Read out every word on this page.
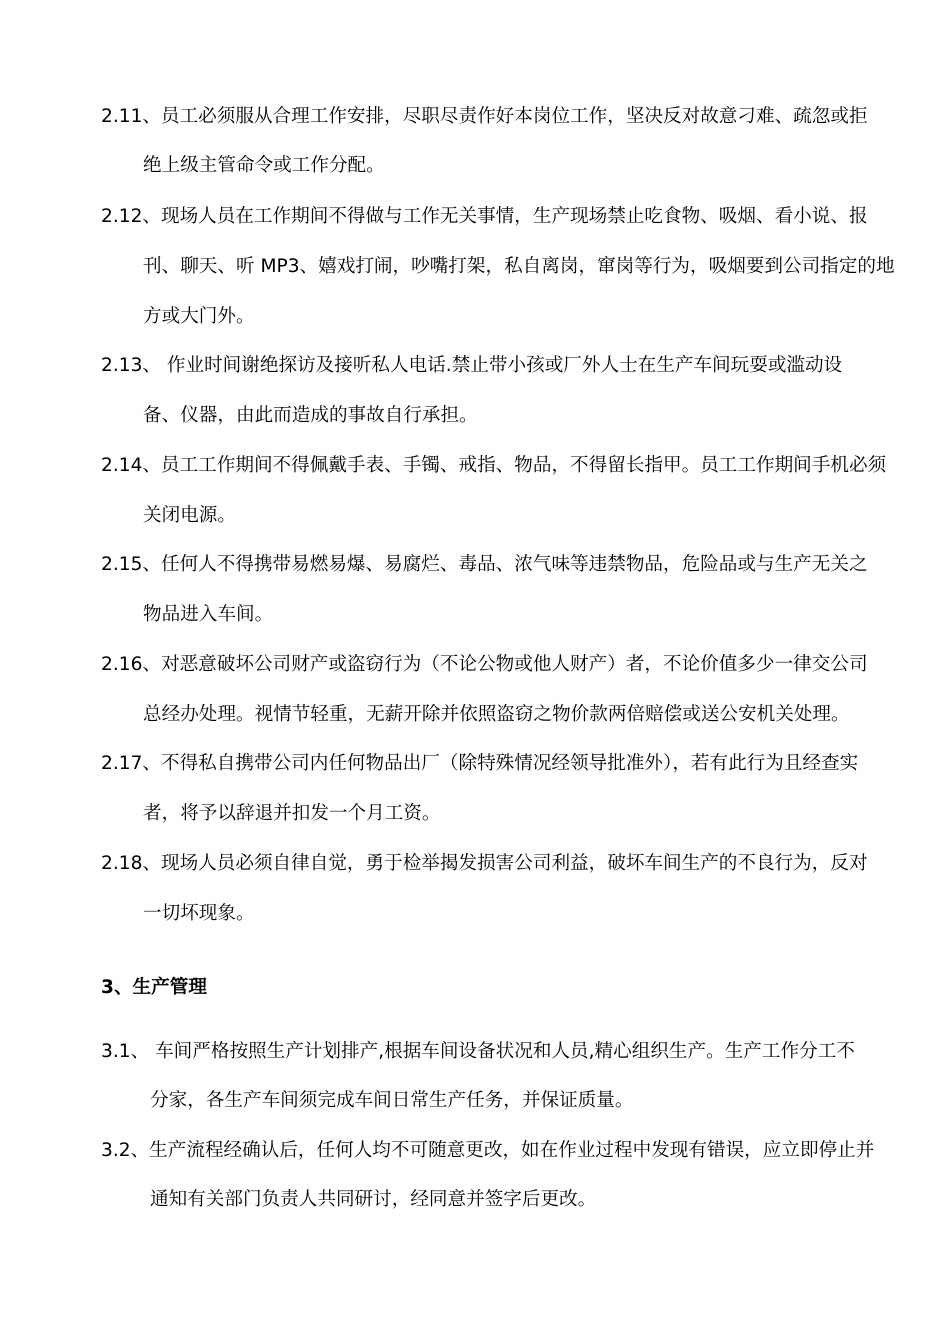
2.11、员工必须服从合理工作安排，尽职尽责作好本岗位工作，坚决反对故意刁难、疏忽或拒
绝上级主管命令或工作分配。
2.12、现场人员在工作期间不得做与工作无关事情，生产现场禁止吃食物、吸烟、看小说、报
刊、聊天、听 MP3、嬉戏打闹，吵嘴打架，私自离岗，窜岗等行为，吸烟要到公司指定的地
方或大门外。
2.13、 作业时间谢绝探访及接听私人电话.禁止带小孩或厂外人士在生产车间玩耍或滥动设
备、仪器，由此而造成的事故自行承担。
2.14、员工工作期间不得佩戴手表、手镯、戒指、物品，不得留长指甲。员工工作期间手机必须
关闭电源。
2.15、任何人不得携带易燃易爆、易腐烂、毒品、浓气味等违禁物品，危险品或与生产无关之
物品进入车间。
2.16、对恶意破坏公司财产或盗窃行为（不论公物或他人财产）者，不论价值多少一律交公司
总经办处理。视情节轻重，无薪开除并依照盗窃之物价款两倍赔偿或送公安机关处理。
2.17、不得私自携带公司内任何物品出厂（除特殊情况经领导批准外），若有此行为且经查实
者，将予以辞退并扣发一个月工资。
2.18、现场人员必须自律自觉，勇于检举揭发损害公司利益，破坏车间生产的不良行为，反对
一切坏现象。
3、生产管理
3.1、 车间严格按照生产计划排产,根据车间设备状况和人员,精心组织生产。生产工作分工不
分家，各生产车间须完成车间日常生产任务，并保证质量。
3.2、生产流程经确认后，任何人均不可随意更改，如在作业过程中发现有错误，应立即停止并
通知有关部门负责人共同研讨，经同意并签字后更改。
